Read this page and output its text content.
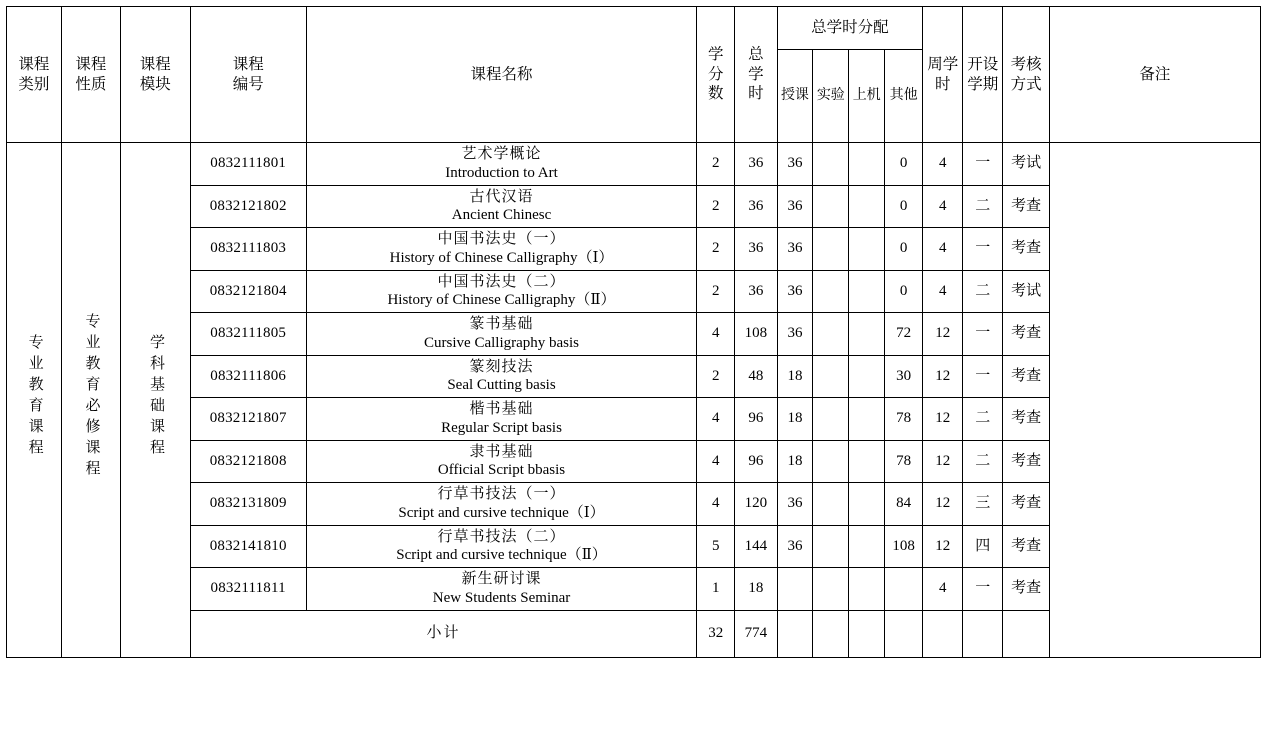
课程
类别

课程
性质

课程
模块

课程
编号
	课程名称	
学
分
数

总
学
时
	总学时分配	
周学
时

开设
学期

考核
方式
	备注
							授课	实验	上机	其他				
专业教育课程	专业教育必修课程	学科基础课程	0832111801	艺术学概论
Introduction to Art	2	36	36			0	4	一	考试	
			0832121802	古代汉语
Ancient Chinesc	2	36	36			0	4	二	考查	
			0832111803	中国书法史（一）
History of Chinese Calligraphy（Ⅰ）	2	36	36			0	4	一	考查	
			0832121804	中国书法史（二）
History of Chinese Calligraphy（Ⅱ）	2	36	36			0	4	二	考试	
			0832111805	篆书基础
Cursive Calligraphy basis	4	108	36			72	12	一	考查	
			0832111806	篆刻技法
Seal Cutting basis	2	48	18			30	12	一	考查	
			0832121807	楷书基础
Regular Script basis	4	96	18			78	12	二	考查	
			0832121808	隶书基础
Official Script bbasis	4	96	18			78	12	二	考查	
			0832131809	行草书技法（一）
Script and cursive technique（Ⅰ）	4	120	36			84	12	三	考查	
			0832141810	行草书技法（二）
Script and cursive technique（Ⅱ）	5	144	36			108	12	四	考查	
			0832111811	新生研讨课
New Students Seminar	1	18					4	一	考查	
			小计		32	774								
